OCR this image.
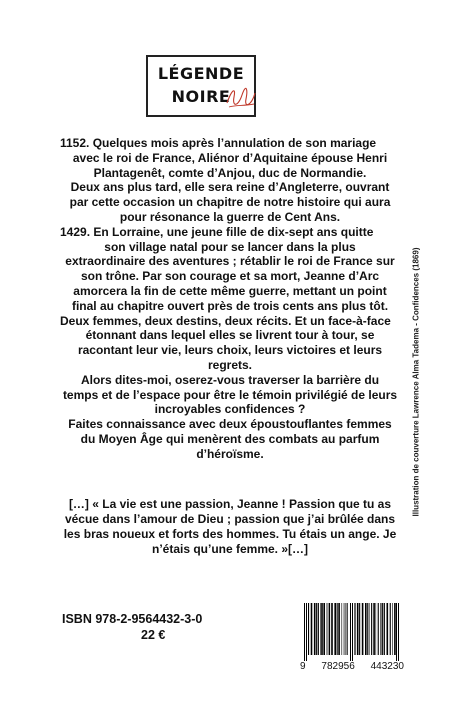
LÉGENDE
NOIRE

1152. Quelques mois après l’annulation de son mariage

avec le roi de France, Aliénor d’Aquitaine épouse Henri

Plantagenêt, comte d’Anjou, duc de Normandie.

Deux ans plus tard, elle sera reine d’Angleterre, ouvrant

par cette occasion un chapitre de notre histoire qui aura

pour résonance la guerre de Cent Ans.

1429. En Lorraine, une jeune fille de dix-sept ans quitte

son village natal pour se lancer dans la plus

extraordinaire des aventures ; rétablir le roi de France sur

son trône. Par son courage et sa mort, Jeanne d’Arc

amorcera la fin de cette même guerre, mettant un point

final au chapitre ouvert près de trois cents ans plus tôt.

Deux femmes, deux destins, deux récits. Et un face-à-face

étonnant dans lequel elles se livrent tour à tour, se

racontant leur vie, leurs choix, leurs victoires et leurs

regrets.

Alors dites-moi, oserez-vous traverser la barrière du

temps et de l’espace pour être le témoin privilégié de leurs

incroyables confidences ?

Faites connaissance avec deux époustouflantes femmes

du Moyen Âge qui menèrent des combats au parfum

d’héroïsme.

[…] « La vie est une passion, Jeanne ! Passion que tu as
vécue dans l’amour de Dieu ; passion que j’ai brûlée dans
les bras noueux et forts des hommes. Tu étais un ange. Je
n’étais qu’une femme. »[…]
ISBN 978-2-9564432-3-0
22 €
9 782956 443230
Illustration de couverture Lawrence Alma Tadema - Confidences (1869)
